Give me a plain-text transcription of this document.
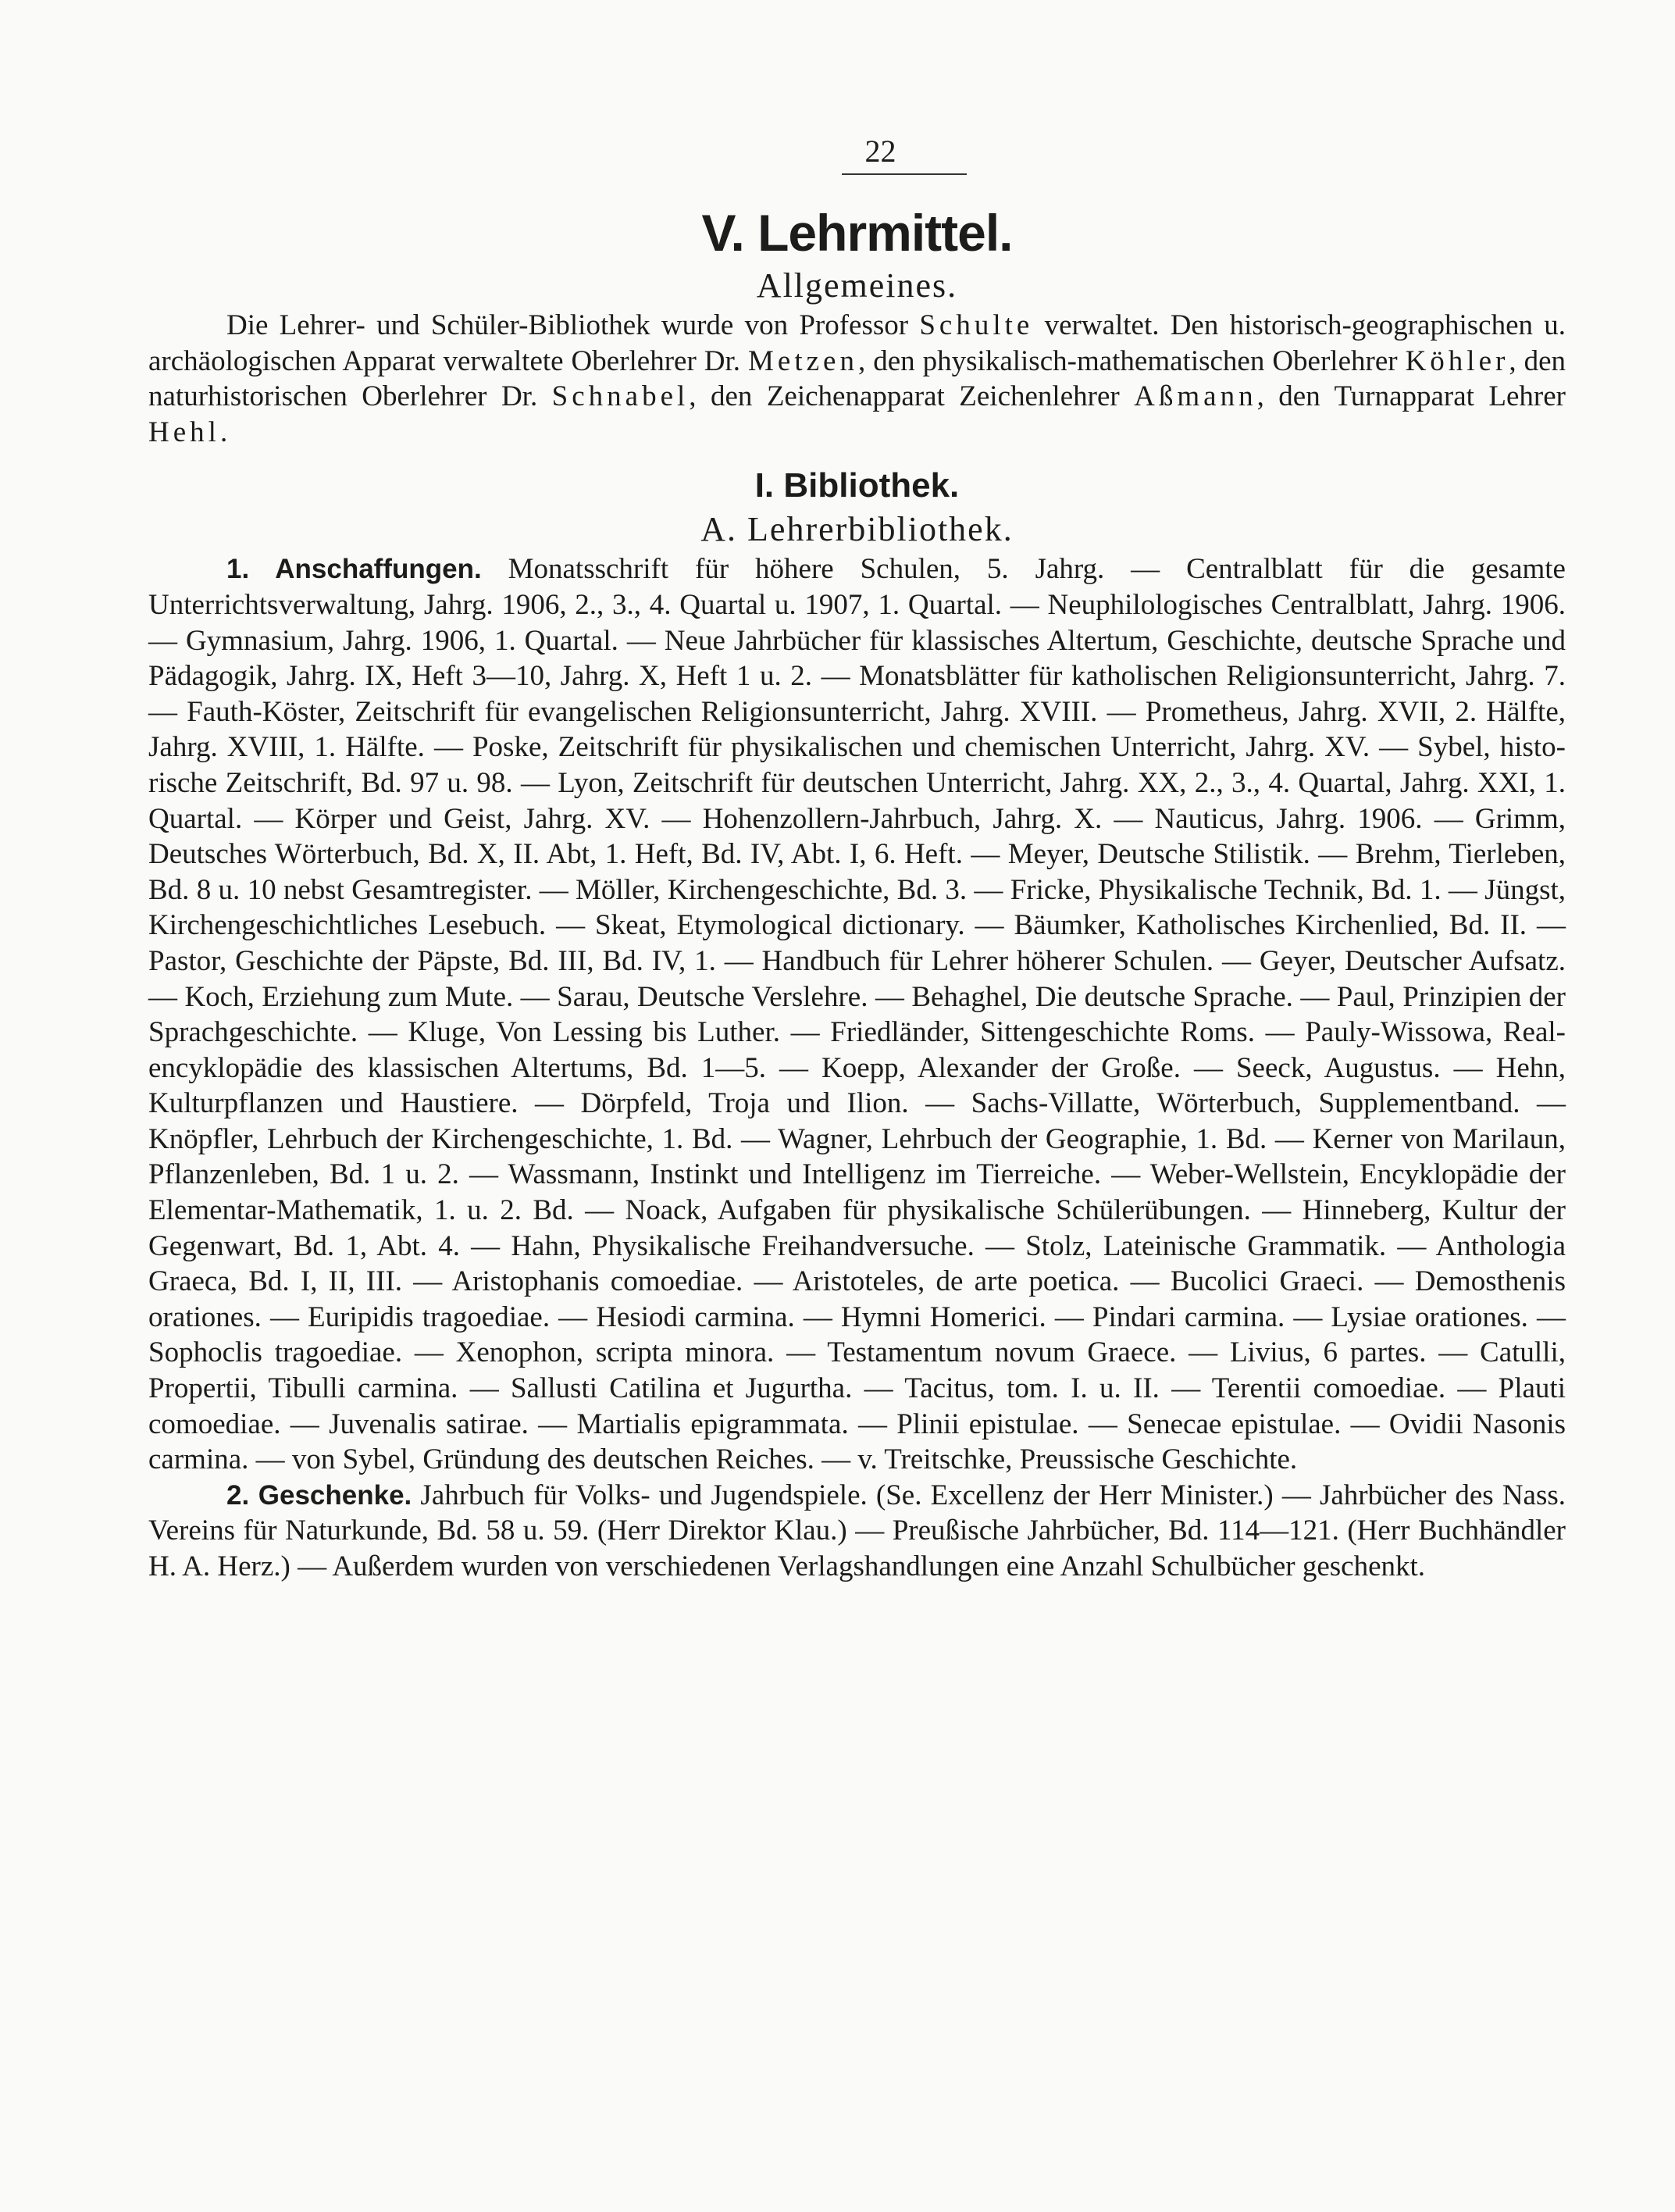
22
V. Lehrmittel.
Allgemeines.

Die Lehrer- und Schüler-Bibliothek wurde von Professor Schulte verwaltet. Den historisch-geographischen u. archäologischen Apparat verwaltete Oberlehrer Dr. Metzen, den physikalisch-mathematischen Oberlehrer Köhler, den naturhistorischen Oberlehrer Dr. Schnabel, den Zeichenapparat Zeichenlehrer Aßmann, den Turnapparat Lehrer Hehl.

I. Bibliothek.
A. Lehrerbibliothek.

1. Anschaffungen. Monatsschrift für höhere Schulen, 5. Jahrg. — Centralblatt für die gesamte Unterrichtsverwaltung, Jahrg. 1906, 2., 3., 4. Quartal u. 1907, 1. Quartal. — Neuphilologisches Centralblatt, Jahrg. 1906. — Gymnasium, Jahrg. 1906, 1. Quartal. — Neue Jahrbücher für klassisches Altertum, Geschichte, deutsche Sprache und Pädagogik, Jahrg. IX, Heft 3—10, Jahrg. X, Heft 1 u. 2. — Monatsblätter für katholischen Religionsunterricht, Jahrg. 7. — Fauth-Köster, Zeitschrift für evangelischen Religionsunterricht, Jahrg. XVIII. — Prometheus, Jahrg. XVII, 2. Hälfte, Jahrg. XVIII, 1. Hälfte. — Poske, Zeitschrift für physikalischen und chemischen Unterricht, Jahrg. XV. — Sybel, historische Zeitschrift, Bd. 97 u. 98. — Lyon, Zeitschrift für deutschen Unterricht, Jahrg. XX, 2., 3., 4. Quartal, Jahrg. XXI, 1. Quartal. — Körper und Geist, Jahrg. XV. — Hohenzollern-Jahrbuch, Jahrg. X. — Nauticus, Jahrg. 1906. — Grimm, Deutsches Wörterbuch, Bd. X, II. Abt, 1. Heft, Bd. IV, Abt. I, 6. Heft. — Meyer, Deutsche Stilistik. — Brehm, Tierleben, Bd. 8 u. 10 nebst Gesamtregister. — Möller, Kirchengeschichte, Bd. 3. — Fricke, Physikalische Technik, Bd. 1. — Jüngst, Kirchengeschichtliches Lesebuch. — Skeat, Etymological dictionary. — Bäumker, Katholisches Kirchenlied, Bd. II. — Pastor, Geschichte der Päpste, Bd. III, Bd. IV, 1. — Handbuch für Lehrer höherer Schulen. — Geyer, Deutscher Aufsatz. — Koch, Erziehung zum Mute. — Sarau, Deutsche Verslehre. — Behaghel, Die deutsche Sprache. — Paul, Prinzipien der Sprachgeschichte. — Kluge, Von Lessing bis Luther. — Friedländer, Sittengeschichte Roms. — Pauly-Wissowa, Realencyklopädie des klassischen Altertums, Bd. 1—5. — Koepp, Alexander der Große. — Seeck, Augustus. — Hehn, Kulturpflanzen und Haustiere. — Dörpfeld, Troja und Ilion. — Sachs-Villatte, Wörterbuch, Supplementband. — Knöpfler, Lehrbuch der Kirchengeschichte, 1. Bd. — Wagner, Lehrbuch der Geographie, 1. Bd. — Kerner von Marilaun, Pflanzenleben, Bd. 1 u. 2. — Wassmann, Instinkt und Intelligenz im Tierreiche. — Weber-Wellstein, Encyklopädie der Elementar-Mathematik, 1. u. 2. Bd. — Noack, Aufgaben für physikalische Schülerübungen. — Hinneberg, Kultur der Gegenwart, Bd. 1, Abt. 4. — Hahn, Physikalische Freihandversuche. — Stolz, Lateinische Grammatik. — Anthologia Graeca, Bd. I, II, III. — Aristophanis comoediae. — Aristoteles, de arte poetica. — Bucolici Graeci. — Demosthenis orationes. — Euripidis tragoediae. — Hesiodi carmina. — Hymni Homerici. — Pindari carmina. — Lysiae orationes. — Sophoclis tragoediae. — Xenophon, scripta minora. — Testamentum novum Graece. — Livius, 6 partes. — Catulli, Propertii, Tibulli carmina. — Sallusti Catilina et Jugurtha. — Tacitus, tom. I. u. II. — Terentii comoediae. — Plauti comoediae. — Juvenalis satirae. — Martialis epigrammata. — Plinii epistulae. — Senecae epistulae. — Ovidii Nasonis carmina. — von Sybel, Gründung des deutschen Reiches. — v. Treitschke, Preussische Geschichte.

2. Geschenke. Jahrbuch für Volks- und Jugendspiele. (Se. Excellenz der Herr Minister.) — Jahrbücher des Nass. Vereins für Naturkunde, Bd. 58 u. 59. (Herr Direktor Klau.) — Preußische Jahrbücher, Bd. 114—121. (Herr Buchhändler H. A. Herz.) — Außerdem wurden von verschiedenen Verlagshandlungen eine Anzahl Schulbücher geschenkt.
